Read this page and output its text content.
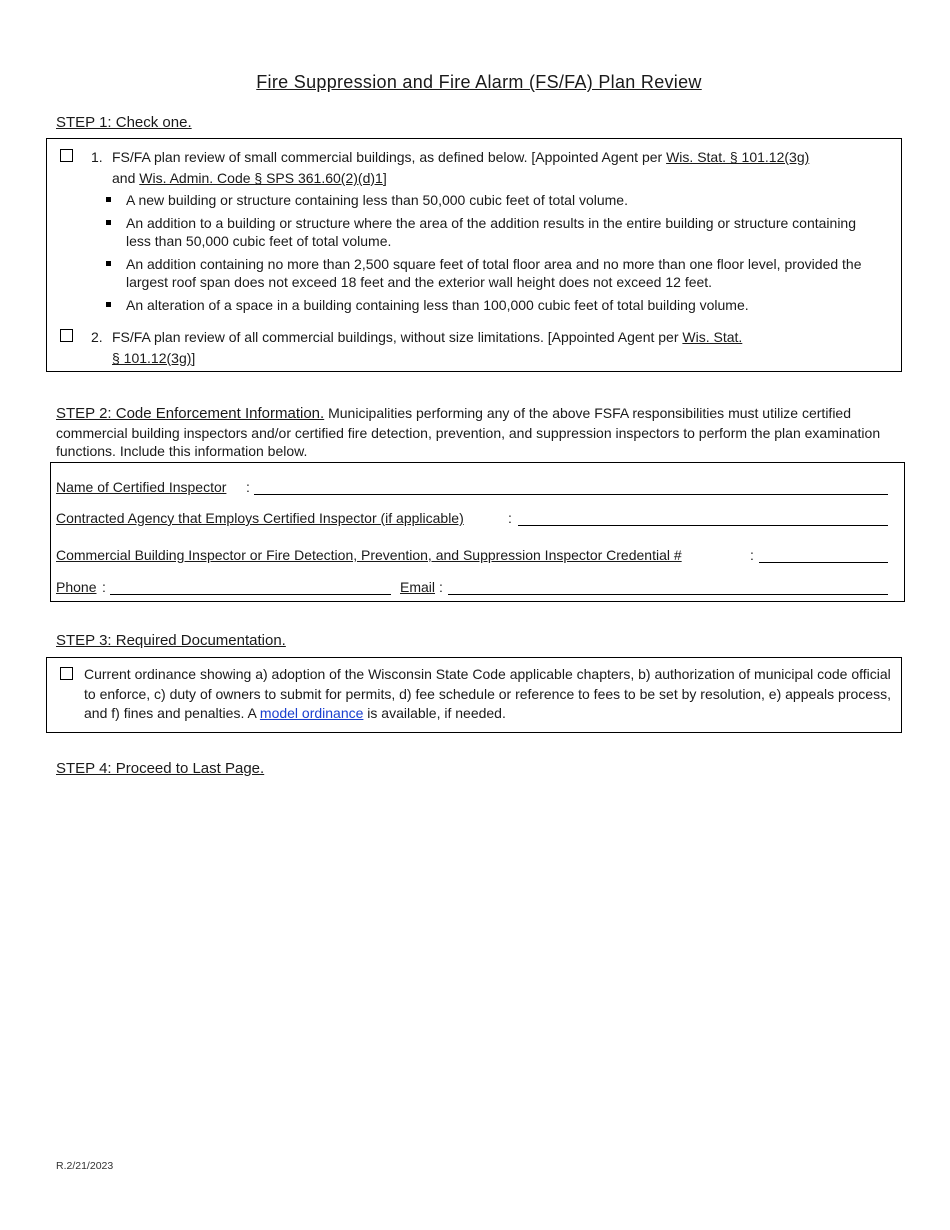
Fire Suppression and Fire Alarm (FS/FA) Plan Review
STEP 1: Check one.
1. FS/FA plan review of small commercial buildings, as defined below. [Appointed Agent per Wis. Stat. § 101.12(3g)
and Wis. Admin. Code § SPS 361.60(2)(d)1]
A new building or structure containing less than 50,000 cubic feet of total volume.
An addition to a building or structure where the area of the addition results in the entire building or structure containing less than 50,000 cubic feet of total volume.
An addition containing no more than 2,500 square feet of total floor area and no more than one floor level, provided the largest roof span does not exceed 18 feet and the exterior wall height does not exceed 12 feet.
An alteration of a space in a building containing less than 100,000 cubic feet of total building volume.
2. FS/FA plan review of all commercial buildings, without size limitations. [Appointed Agent per Wis. Stat.
§ 101.12(3g)]
STEP 2: Code Enforcement Information. Municipalities performing any of the above FSFA responsibilities must utilize certified commercial building inspectors and/or certified fire detection, prevention, and suppression inspectors to perform the plan examination functions. Include this information below.
Name of Certified Inspector :
Contracted Agency that Employs Certified Inspector (if applicable)	:
Commercial Building Inspector or Fire Detection, Prevention, and Suppression Inspector Credential #	:
Phone :	Email :
STEP 3: Required Documentation.
Current ordinance showing a) adoption of the Wisconsin State Code applicable chapters, b) authorization of municipal code official to enforce, c) duty of owners to submit for permits, d) fee schedule or reference to fees to be set by resolution, e) appeals process, and f) fines and penalties. A model ordinance is available, if needed.
STEP 4: Proceed to Last Page.
R.2/21/2023
